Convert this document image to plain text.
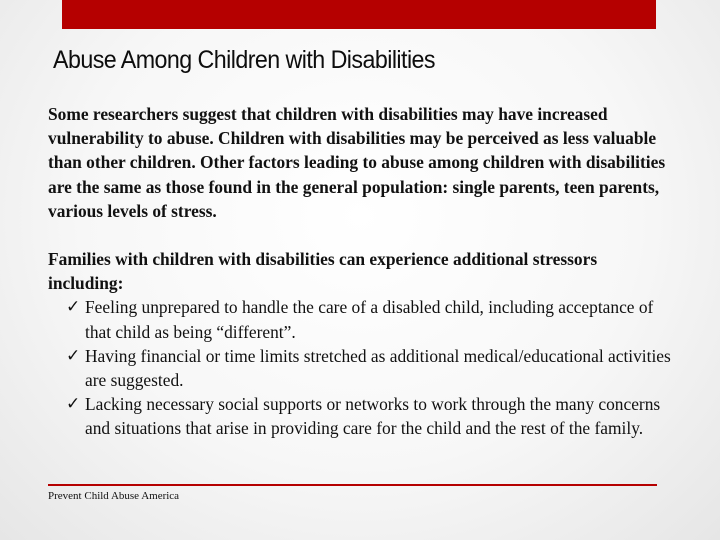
Abuse Among Children with Disabilities

Some researchers suggest that children with disabilities may have increased vulnerability to abuse. Children with disabilities may be perceived as less valuable than other children. Other factors leading to abuse among children with disabilities are the same as those found in the general population: single parents, teen parents, various levels of stress.

Families with children with disabilities can experience additional stressors including:

✓ Feeling unprepared to handle the care of a disabled child, including acceptance of that child as being “different”.
✓ Having financial or time limits stretched as additional medical/educational activities are suggested.
✓ Lacking necessary social supports or networks to work through the many concerns and situations that arise in providing care for the child and the rest of the family.
Prevent Child Abuse America
